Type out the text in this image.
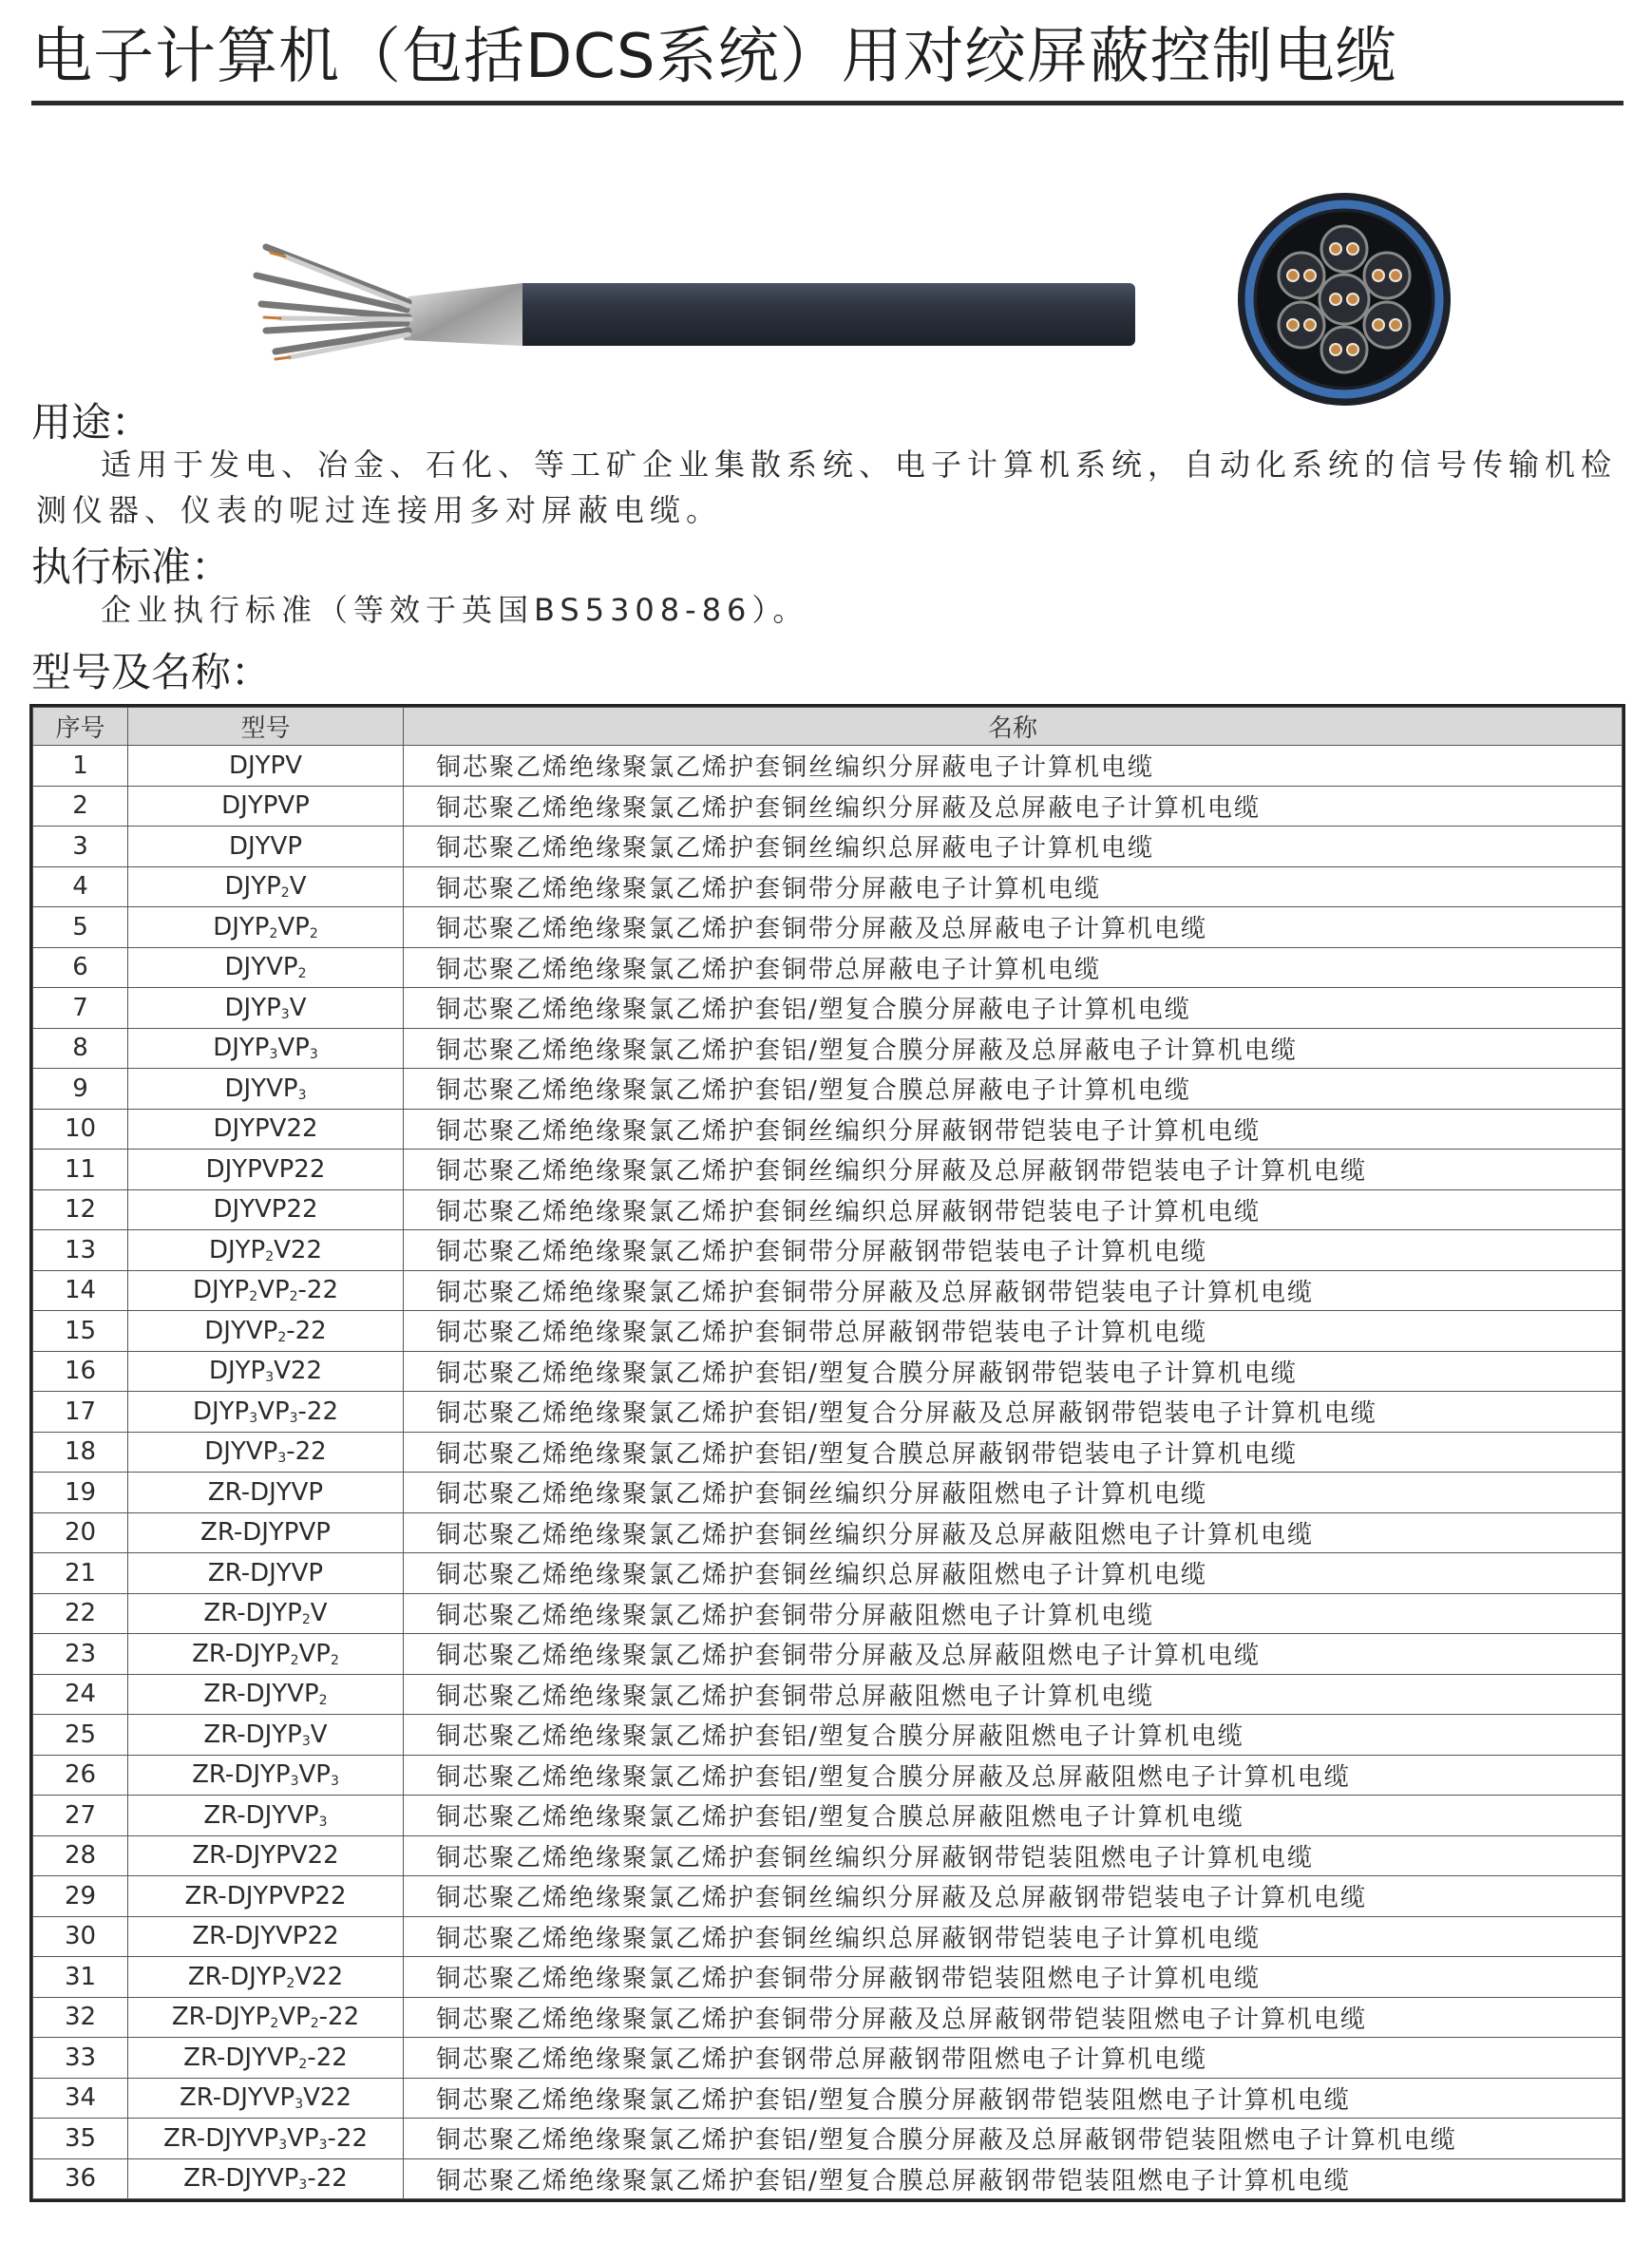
电子计算机（包括DCS系统）用对绞屏蔽控制电缆
用途：
适用于发电、冶金、石化、等工矿企业集散系统、电子计算机系统，自动化系统的信号传输机检测仪器、仪表的呢过连接用多对屏蔽电缆。
执行标准：
企业执行标准（等效于英国BS5308-86）。
型号及名称：
序号	型号	名称
1	DJYPV	铜芯聚乙烯绝缘聚氯乙烯护套铜丝编织分屏蔽电子计算机电缆
2	DJYPVP	铜芯聚乙烯绝缘聚氯乙烯护套铜丝编织分屏蔽及总屏蔽电子计算机电缆
3	DJYVP	铜芯聚乙烯绝缘聚氯乙烯护套铜丝编织总屏蔽电子计算机电缆
4	$DJYP_2V$	铜芯聚乙烯绝缘聚氯乙烯护套铜带分屏蔽电子计算机电缆
5	$DJYP_2VP_2$	铜芯聚乙烯绝缘聚氯乙烯护套铜带分屏蔽及总屏蔽电子计算机电缆
6	$DJYVP_2$	铜芯聚乙烯绝缘聚氯乙烯护套铜带总屏蔽电子计算机电缆
7	$DJYP_3V$	铜芯聚乙烯绝缘聚氯乙烯护套铝/塑复合膜分屏蔽电子计算机电缆
8	$DJYP_3VP_3$	铜芯聚乙烯绝缘聚氯乙烯护套铝/塑复合膜分屏蔽及总屏蔽电子计算机电缆
9	$DJYVP_3$	铜芯聚乙烯绝缘聚氯乙烯护套铝/塑复合膜总屏蔽电子计算机电缆
10	DJYPV22	铜芯聚乙烯绝缘聚氯乙烯护套铜丝编织分屏蔽钢带铠装电子计算机电缆
11	DJYPVP22	铜芯聚乙烯绝缘聚氯乙烯护套铜丝编织分屏蔽及总屏蔽钢带铠装电子计算机电缆
12	DJYVP22	铜芯聚乙烯绝缘聚氯乙烯护套铜丝编织总屏蔽钢带铠装电子计算机电缆
13	$DJYP_2V22$	铜芯聚乙烯绝缘聚氯乙烯护套铜带分屏蔽钢带铠装电子计算机电缆
14	$DJYP_2VP_2-22$	铜芯聚乙烯绝缘聚氯乙烯护套铜带分屏蔽及总屏蔽钢带铠装电子计算机电缆
15	$DJYVP_2-22$	铜芯聚乙烯绝缘聚氯乙烯护套铜带总屏蔽钢带铠装电子计算机电缆
16	$DJYP_3V22$	铜芯聚乙烯绝缘聚氯乙烯护套铝/塑复合膜分屏蔽钢带铠装电子计算机电缆
17	$DJYP_3VP_3-22$	铜芯聚乙烯绝缘聚氯乙烯护套铝/塑复合分屏蔽及总屏蔽钢带铠装电子计算机电缆
18	$DJYVP_3-22$	铜芯聚乙烯绝缘聚氯乙烯护套铝/塑复合膜总屏蔽钢带铠装电子计算机电缆
19	ZR-DJYVP	铜芯聚乙烯绝缘聚氯乙烯护套铜丝编织分屏蔽阻燃电子计算机电缆
20	ZR-DJYPVP	铜芯聚乙烯绝缘聚氯乙烯护套铜丝编织分屏蔽及总屏蔽阻燃电子计算机电缆
21	ZR-DJYVP	铜芯聚乙烯绝缘聚氯乙烯护套铜丝编织总屏蔽阻燃电子计算机电缆
22	$ZR-DJYP_2V$	铜芯聚乙烯绝缘聚氯乙烯护套铜带分屏蔽阻燃电子计算机电缆
23	$ZR-DJYP_2VP_2$	铜芯聚乙烯绝缘聚氯乙烯护套铜带分屏蔽及总屏蔽阻燃电子计算机电缆
24	$ZR-DJYVP_2$	铜芯聚乙烯绝缘聚氯乙烯护套铜带总屏蔽阻燃电子计算机电缆
25	$ZR-DJYP_3V$	铜芯聚乙烯绝缘聚氯乙烯护套铝/塑复合膜分屏蔽阻燃电子计算机电缆
26	$ZR-DJYP_3VP_3$	铜芯聚乙烯绝缘聚氯乙烯护套铝/塑复合膜分屏蔽及总屏蔽阻燃电子计算机电缆
27	$ZR-DJYVP_3$	铜芯聚乙烯绝缘聚氯乙烯护套铝/塑复合膜总屏蔽阻燃电子计算机电缆
28	ZR-DJYPV22	铜芯聚乙烯绝缘聚氯乙烯护套铜丝编织分屏蔽钢带铠装阻燃电子计算机电缆
29	ZR-DJYPVP22	铜芯聚乙烯绝缘聚氯乙烯护套铜丝编织分屏蔽及总屏蔽钢带铠装电子计算机电缆
30	ZR-DJYVP22	铜芯聚乙烯绝缘聚氯乙烯护套铜丝编织总屏蔽钢带铠装电子计算机电缆
31	$ZR-DJYP_2V22$	铜芯聚乙烯绝缘聚氯乙烯护套铜带分屏蔽钢带铠装阻燃电子计算机电缆
32	$ZR-DJYP_2VP_2-22$	铜芯聚乙烯绝缘聚氯乙烯护套铜带分屏蔽及总屏蔽钢带铠装阻燃电子计算机电缆
33	$ZR-DJYVP_2-22$	铜芯聚乙烯绝缘聚氯乙烯护套钢带总屏蔽钢带阻燃电子计算机电缆
34	$ZR-DJYVP_3V22$	铜芯聚乙烯绝缘聚氯乙烯护套铝/塑复合膜分屏蔽钢带铠装阻燃电子计算机电缆
35	$ZR-DJYVP_3VP_3-22$	铜芯聚乙烯绝缘聚氯乙烯护套铝/塑复合膜分屏蔽及总屏蔽钢带铠装阻燃电子计算机电缆
36	$ZR-DJYVP_3-22$	铜芯聚乙烯绝缘聚氯乙烯护套铝/塑复合膜总屏蔽钢带铠装阻燃电子计算机电缆
